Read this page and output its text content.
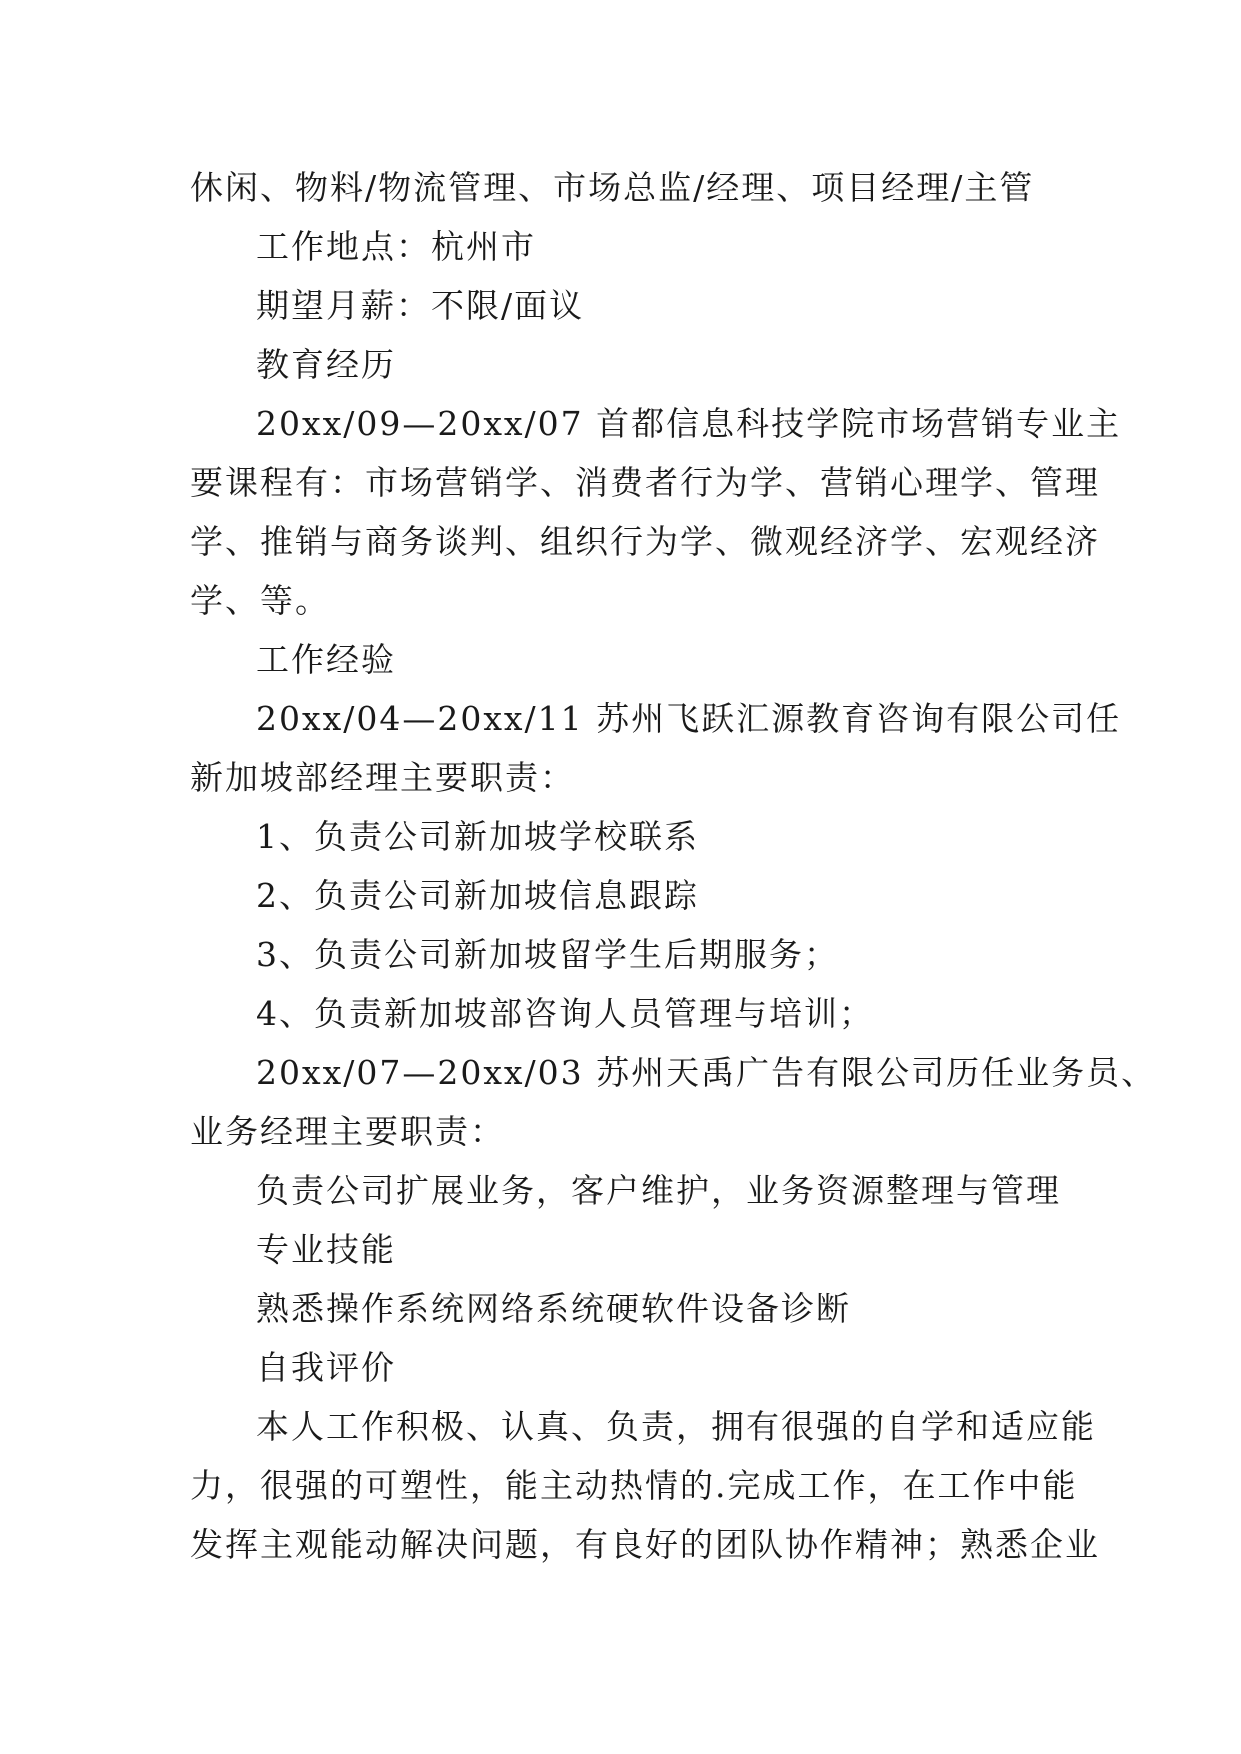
休闲、物料/物流管理、市场总监/经理、项目经理/主管

工作地点：杭州市

期望月薪：不限/面议

教育经历

20xx/09—20xx/07 首都信息科技学院市场营销专业主

要课程有：市场营销学、消费者行为学、营销心理学、管理

学、推销与商务谈判、组织行为学、微观经济学、宏观经济

学、等。

工作经验

20xx/04—20xx/11 苏州飞跃汇源教育咨询有限公司任

新加坡部经理主要职责：

1、负责公司新加坡学校联系

2、负责公司新加坡信息跟踪

3、负责公司新加坡留学生后期服务；

4、负责新加坡部咨询人员管理与培训；

20xx/07—20xx/03 苏州天禹广告有限公司历任业务员、

业务经理主要职责：

负责公司扩展业务，客户维护，业务资源整理与管理

专业技能

熟悉操作系统网络系统硬软件设备诊断

自我评价

本人工作积极、认真、负责，拥有很强的自学和适应能

力，很强的可塑性，能主动热情的.完成工作，在工作中能

发挥主观能动解决问题，有良好的团队协作精神；熟悉企业
